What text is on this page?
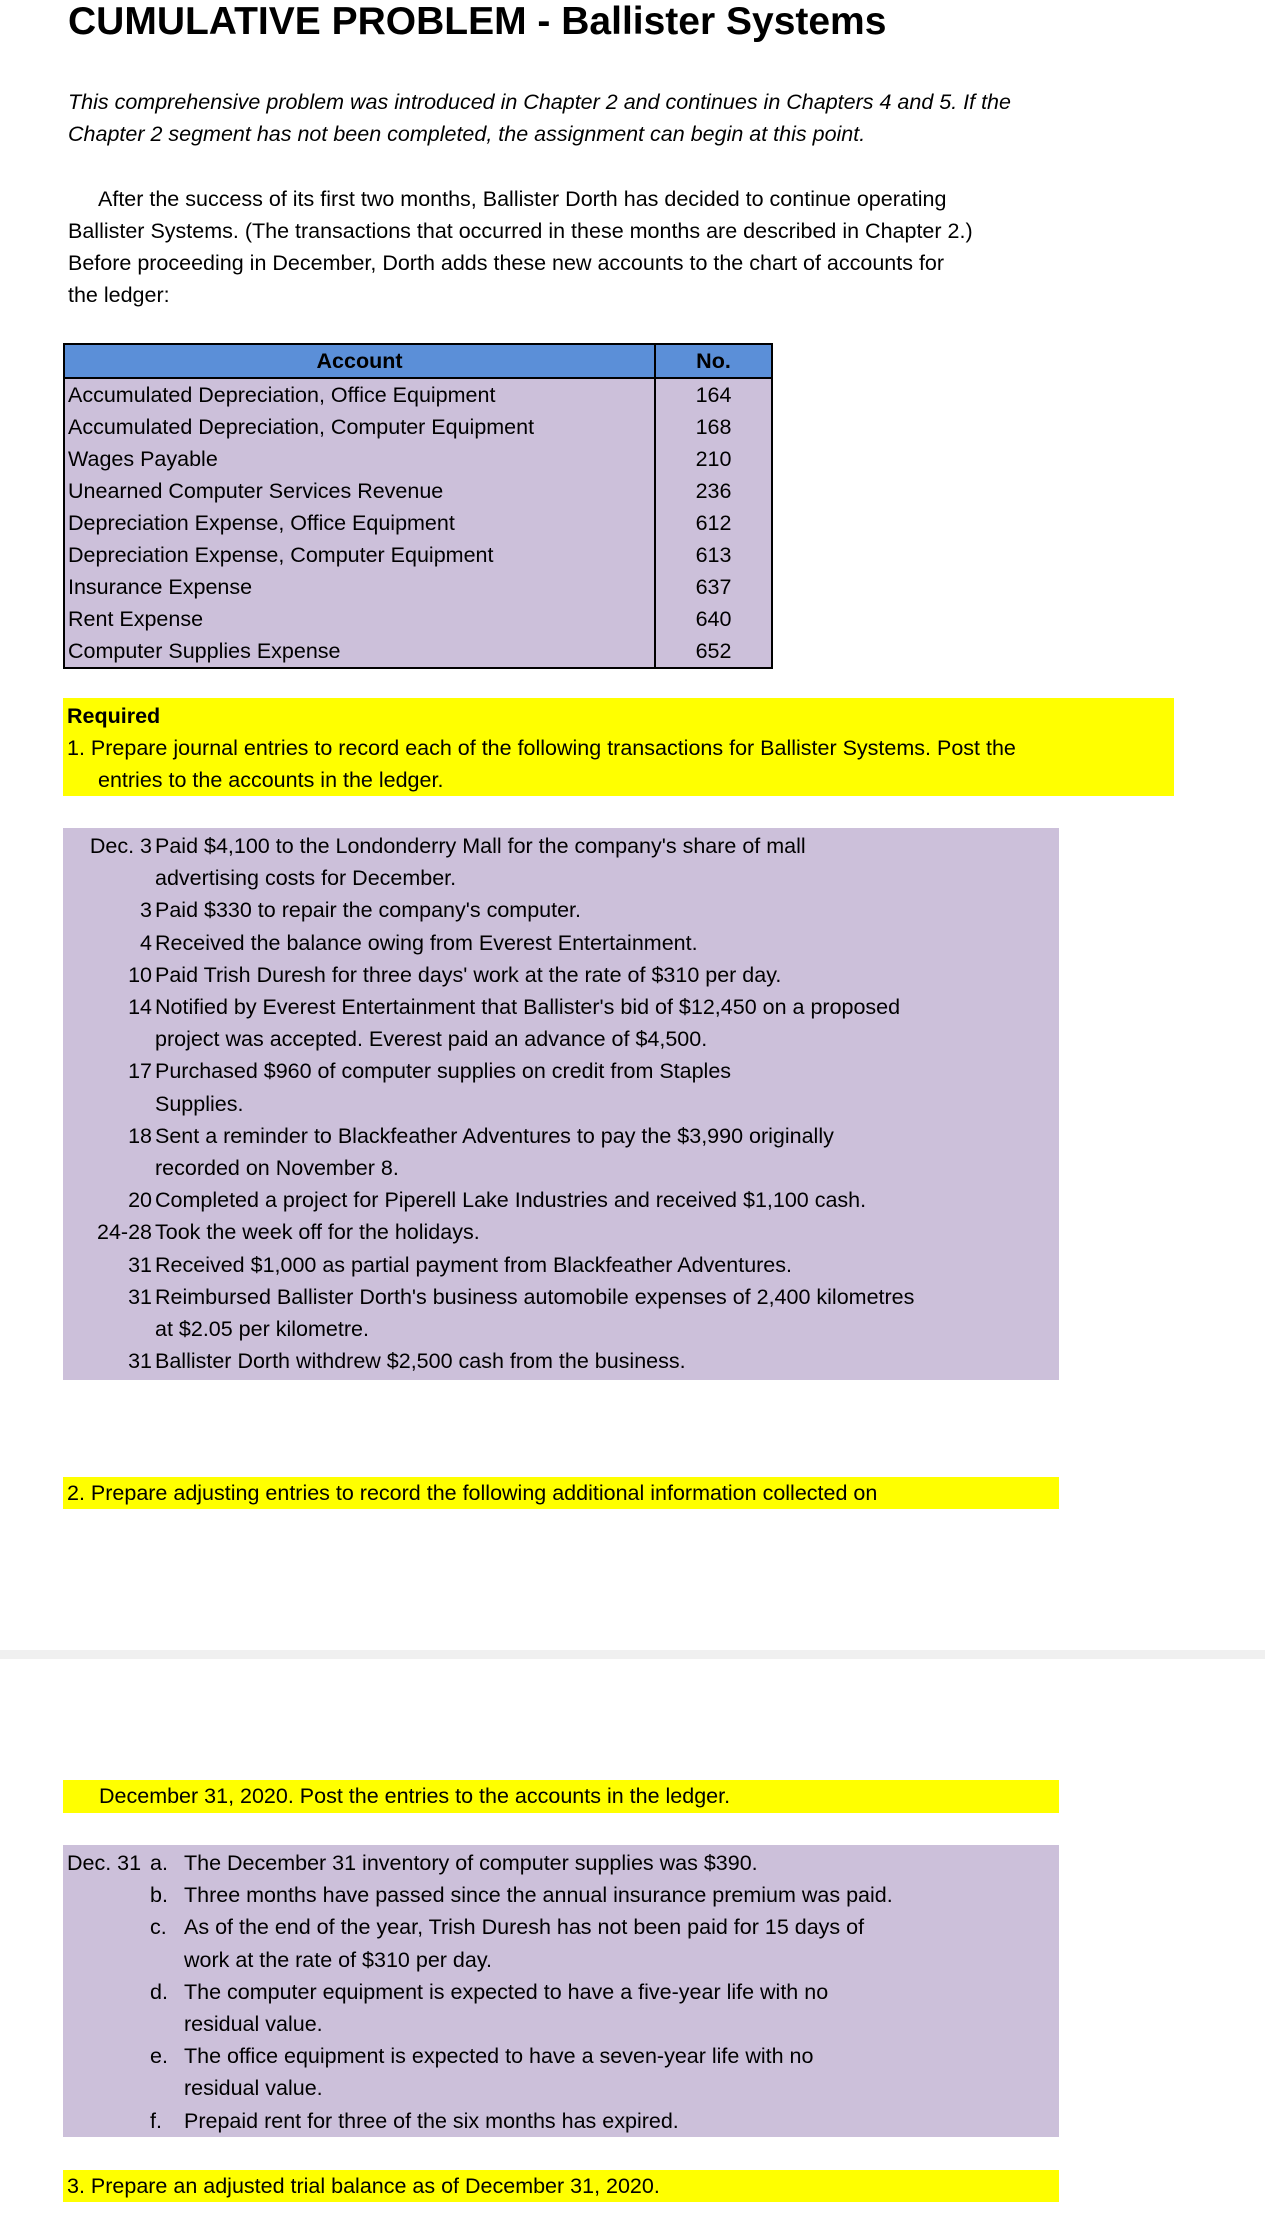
CUMULATIVE PROBLEM - Ballister Systems
This comprehensive problem was introduced in Chapter 2 and continues in Chapters 4 and 5. If the
Chapter 2 segment has not been completed, the assignment can begin at this point.
After the success of its first two months, Ballister Dorth has decided to continue operating
Ballister Systems. (The transactions that occurred in these months are described in Chapter 2.)
Before proceeding in December, Dorth adds these new accounts to the chart of accounts for
the ledger:
Account	No.
Accumulated Depreciation, Office Equipment	164
Accumulated Depreciation, Computer Equipment	168
Wages Payable	210
Unearned Computer Services Revenue	236
Depreciation Expense, Office Equipment	612
Depreciation Expense, Computer Equipment	613
Insurance Expense	637
Rent Expense	640
Computer Supplies Expense	652
Required
1. Prepare journal entries to record each of the following transactions for Ballister Systems. Post the
entries to the accounts in the ledger.
Dec. 3 Paid $4,100 to the Londonderry Mall for the company's share of mall
advertising costs for December.
3 Paid $330 to repair the company's computer.
4 Received the balance owing from Everest Entertainment.
10 Paid Trish Duresh for three days' work at the rate of $310 per day.
14 Notified by Everest Entertainment that Ballister's bid of $12,450 on a proposed
project was accepted. Everest paid an advance of $4,500.
17 Purchased $960 of computer supplies on credit from Staples
Supplies.
18 Sent a reminder to Blackfeather Adventures to pay the $3,990 originally
recorded on November 8.
20 Completed a project for Piperell Lake Industries and received $1,100 cash.
24-28 Took the week off for the holidays.
31 Received $1,000 as partial payment from Blackfeather Adventures.
31 Reimbursed Ballister Dorth's business automobile expenses of 2,400 kilometres
at $2.05 per kilometre.
31 Ballister Dorth withdrew $2,500 cash from the business.
2. Prepare adjusting entries to record the following additional information collected on
December 31, 2020. Post the entries to the accounts in the ledger.
Dec. 31 a. The December 31 inventory of computer supplies was $390.
b. Three months have passed since the annual insurance premium was paid.
c. As of the end of the year, Trish Duresh has not been paid for 15 days of
work at the rate of $310 per day.
d. The computer equipment is expected to have a five-year life with no
residual value.
e. The office equipment is expected to have a seven-year life with no
residual value.
f. Prepaid rent for three of the six months has expired.
3. Prepare an adjusted trial balance as of December 31, 2020.
